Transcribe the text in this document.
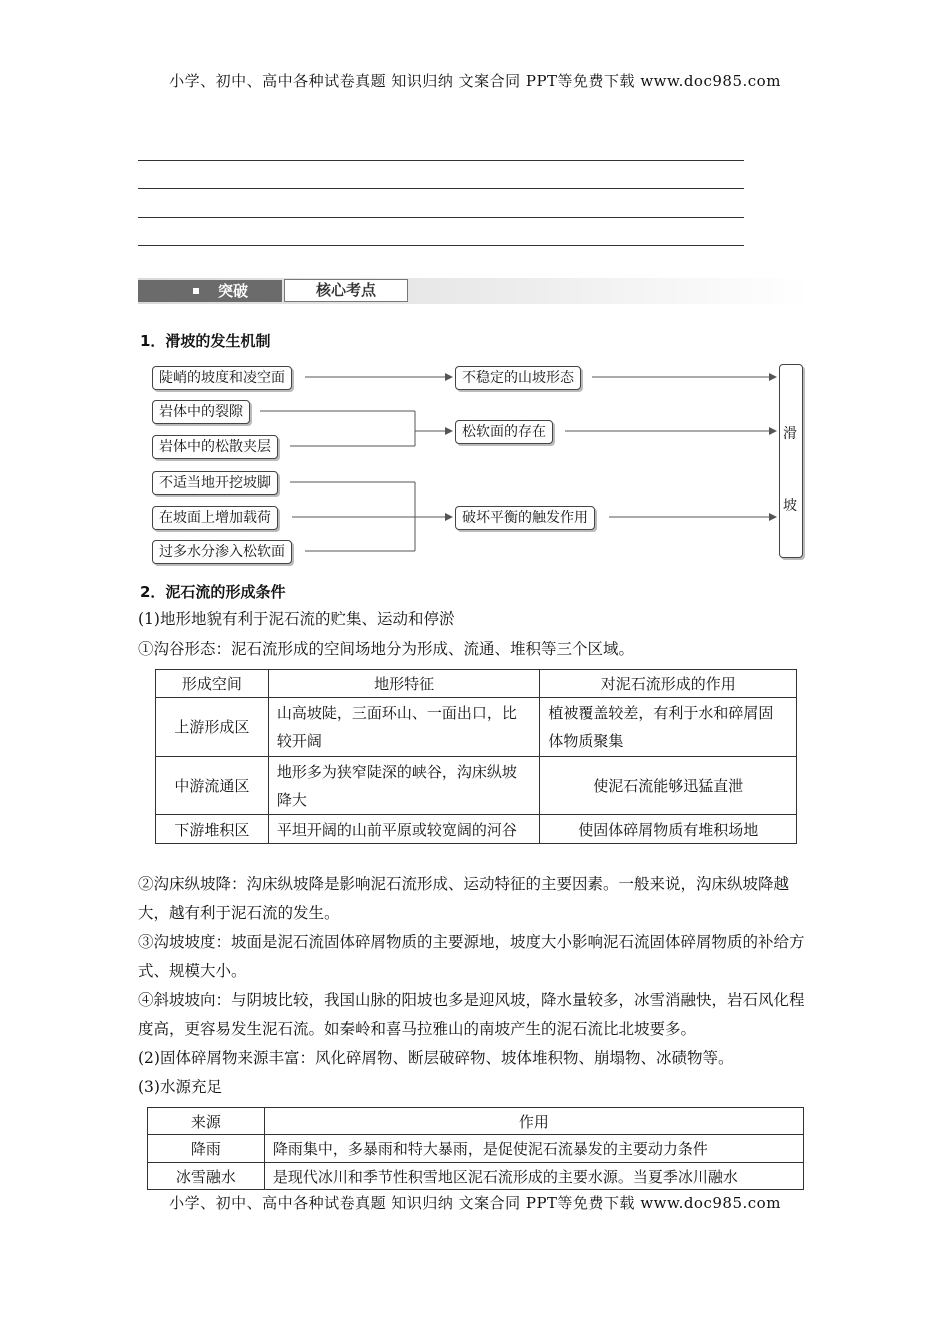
小学、初中、高中各种试卷真题 知识归纳 文案合同 PPT等免费下载 www.doc985.com
突破	核心考点
1．滑坡的发生机制
陡峭的坡度和凌空面
岩体中的裂隙
岩体中的松散夹层
不适当地开挖坡脚
在坡面上增加载荷
过多水分渗入松软面
不稳定的山坡形态
松软面的存在
破坏平衡的触发作用
滑
坡
2．泥石流的形成条件
(1)地形地貌有利于泥石流的贮集、运动和停淤
①沟谷形态：泥石流形成的空间场地分为形成、流通、堆积等三个区域。
形成空间	地形特征	对泥石流形成的作用
上游形成区	山高坡陡，三面环山、一面出口，比较开阔	植被覆盖较差，有利于水和碎屑固体物质聚集
中游流通区	地形多为狭窄陡深的峡谷，沟床纵坡降大	使泥石流能够迅猛直泄
下游堆积区	平坦开阔的山前平原或较宽阔的河谷	使固体碎屑物质有堆积场地
②沟床纵坡降：沟床纵坡降是影响泥石流形成、运动特征的主要因素。一般来说，沟床纵坡降越大，越有利于泥石流的发生。
③沟坡坡度：坡面是泥石流固体碎屑物质的主要源地，坡度大小影响泥石流固体碎屑物质的补给方式、规模大小。
④斜坡坡向：与阴坡比较，我国山脉的阳坡也多是迎风坡，降水量较多，冰雪消融快，岩石风化程度高，更容易发生泥石流。如秦岭和喜马拉雅山的南坡产生的泥石流比北坡要多。
(2)固体碎屑物来源丰富：风化碎屑物、断层破碎物、坡体堆积物、崩塌物、冰碛物等。
(3)水源充足
来源	作用
降雨	降雨集中，多暴雨和特大暴雨，是促使泥石流暴发的主要动力条件
冰雪融水	是现代冰川和季节性积雪地区泥石流形成的主要水源。当夏季冰川融水
小学、初中、高中各种试卷真题 知识归纳 文案合同 PPT等免费下载 www.doc985.com
